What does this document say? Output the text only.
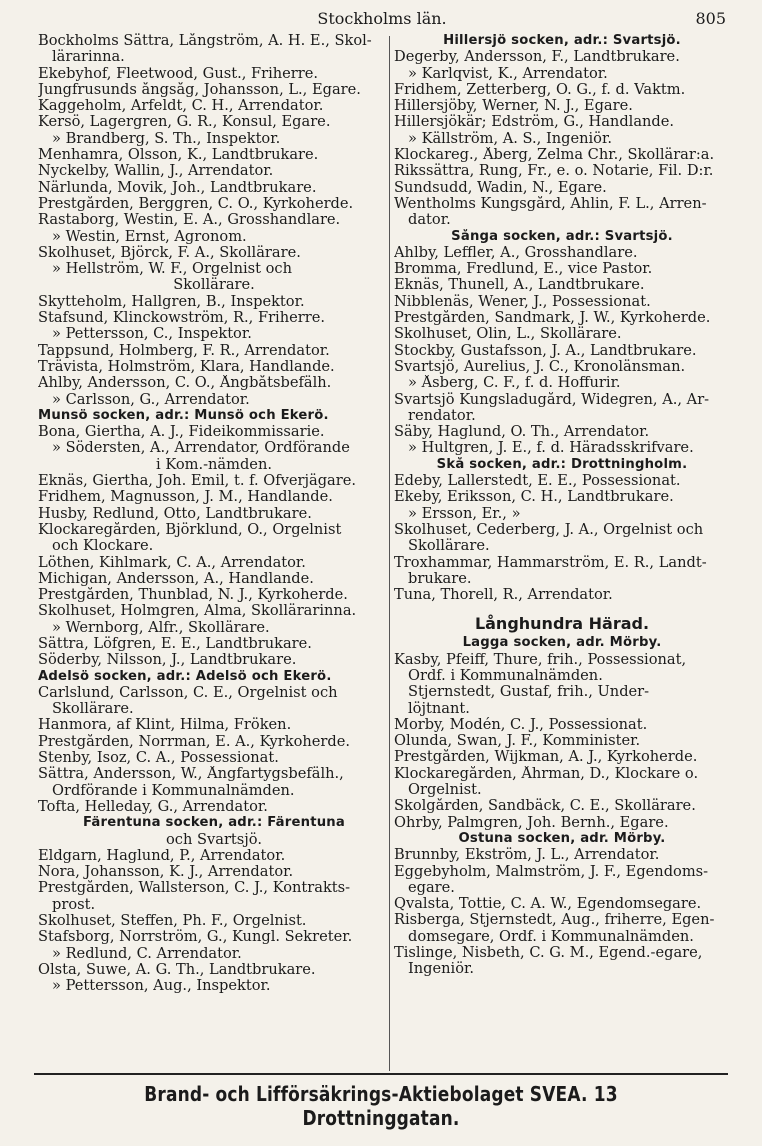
Stockholms län.	805
Bockholms Sättra, Långström, A. H. E., Skol-
lärarinna.
Ekebyhof, Fleetwood, Gust., Friherre.
Jungfrusunds ångsåg, Johansson, L., Egare.
Kaggeholm, Arfeldt, C. H., Arrendator.
Kersö, Lagergren, G. R., Konsul, Egare.
» Brandberg, S. Th., Inspektor.
Menhamra, Olsson, K., Landtbrukare.
Nyckelby, Wallin, J., Arrendator.
Närlunda, Movik, Joh., Landtbrukare.
Prestgården, Berggren, C. O., Kyrkoherde.
Rastaborg, Westin, E. A., Grosshandlare.
» Westin, Ernst, Agronom.
Skolhuset, Björck, F. A., Skollärare.
» Hellström, W. F., Orgelnist och
Skollärare.
Skytteholm, Hallgren, B., Inspektor.
Stafsund, Klinckowström, R., Friherre.
» Pettersson, C., Inspektor.
Tappsund, Holmberg, F. R., Arrendator.
Trävista, Holmström, Klara, Handlande.
Ahlby, Andersson, C. O., Ångbåtsbefälh.
» Carlsson, G., Arrendator.
Munsö socken, adr.: Munsö och Ekerö.
Bona, Giertha, A. J., Fideikommissarie.
» Södersten, A., Arrendator, Ordförande
i Kom.-nämden.
Eknäs, Giertha, Joh. Emil, t. f. Öfverjägare.
Fridhem, Magnusson, J. M., Handlande.
Husby, Redlund, Otto, Landtbrukare.
Klockaregården, Björklund, O., Orgelnist
och Klockare.
Löthen, Kihlmark, C. A., Arrendator.
Michigan, Andersson, A., Handlande.
Prestgården, Thunblad, N. J., Kyrkoherde.
Skolhuset, Holmgren, Alma, Skollärarinna.
» Wernborg, Alfr., Skollärare.
Sättra, Löfgren, E. E., Landtbrukare.
Söderby, Nilsson, J., Landtbrukare.
Adelsö socken, adr.: Adelsö och Ekerö.
Carlslund, Carlsson, C. E., Orgelnist och
Skollärare.
Hanmora, af Klint, Hilma, Fröken.
Prestgården, Norrman, E. A., Kyrkoherde.
Stenby, Isoz, C. A., Possessionat.
Sättra, Andersson, W., Ångfartygsbefälh.,
Ordförande i Kommunalnämden.
Tofta, Helleday, G., Arrendator.
Färentuna socken, adr.: Färentuna
och Svartsjö.
Eldgarn, Haglund, P., Arrendator.
Nora, Johansson, K. J., Arrendator.
Prestgården, Wallsterson, C. J., Kontrakts-
prost.
Skolhuset, Steffen, Ph. F., Orgelnist.
Stafsborg, Norrström, G., Kungl. Sekreter.
» Redlund, C. Arrendator.
Ölsta, Suwe, A. G. Th., Landtbrukare.
» Pettersson, Aug., Inspektor.
Hillersjö socken, adr.: Svartsjö.
Degerby, Andersson, F., Landtbrukare.
» Karlqvist, K., Arrendator.
Fridhem, Zetterberg, O. G., f. d. Vaktm.
Hillersjöby, Werner, N. J., Egare.
Hillersjökär; Edström, G., Handlande.
» Källström, A. S., Ingeniör.
Klockareg., Åberg, Zelma Chr., Skollärar:a.
Rikssättra, Rung, Fr., e. o. Notarie, Fil. D:r.
Sundsudd, Wadin, N., Egare.
Wentholms Kungsgård, Ahlin, F. L., Arren-
dator.
Sånga socken, adr.: Svartsjö.
Ahlby, Leffler, A., Grosshandlare.
Bromma, Fredlund, E., vice Pastor.
Eknäs, Thunell, A., Landtbrukare.
Nibblenäs, Wener, J., Possessionat.
Prestgården, Sandmark, J. W., Kyrkoherde.
Skolhuset, Olin, L., Skollärare.
Stockby, Gustafsson, J. A., Landtbrukare.
Svartsjö, Aurelius, J. C., Kronolänsman.
» Åsberg, C. F., f. d. Hoffurir.
Svartsjö Kungsladugård, Widegren, A., Ar-
rendator.
Säby, Haglund, O. Th., Arrendator.
» Hultgren, J. E., f. d. Häradsskrifvare.
Skå socken, adr.: Drottningholm.
Edeby, Lallerstedt, E. E., Possessionat.
Ekeby, Eriksson, C. H., Landtbrukare.
» Ersson, Er., »
Skolhuset, Cederberg, J. A., Orgelnist och
Skollärare.
Troxhammar, Hammarström, E. R., Landt-
brukare.
Tuna, Thorell, R., Arrendator.
Långhundra Härad.
Lagga socken, adr. Mörby.
Kasby, Pfeiff, Thure, frih., Possessionat,
Ordf. i Kommunalnämden.
Stjernstedt, Gustaf, frih., Under-
löjtnant.
Morby, Modén, C. J., Possessionat.
Olunda, Swan, J. F., Komminister.
Prestgården, Wijkman, A. J., Kyrkoherde.
Klockaregården, Åhrman, D., Klockare o.
Orgelnist.
Skolgården, Sandbäck, C. E., Skollärare.
Öhrby, Palmgren, Joh. Bernh., Egare.
Östuna socken, adr. Mörby.
Brunnby, Ekström, J. L., Arrendator.
Eggebyholm, Malmström, J. F., Egendoms-
egare.
Qvalsta, Tottie, C. A. W., Egendomsegare.
Risberga, Stjernstedt, Aug., friherre, Egen-
domsegare, Ordf. i Kommunalnämden.
Tislinge, Nisbeth, C. G. M., Egend.-egare,
Ingeniör.
Brand- och Lifförsäkrings-Aktiebolaget SVEA. 13 Drottninggatan.
